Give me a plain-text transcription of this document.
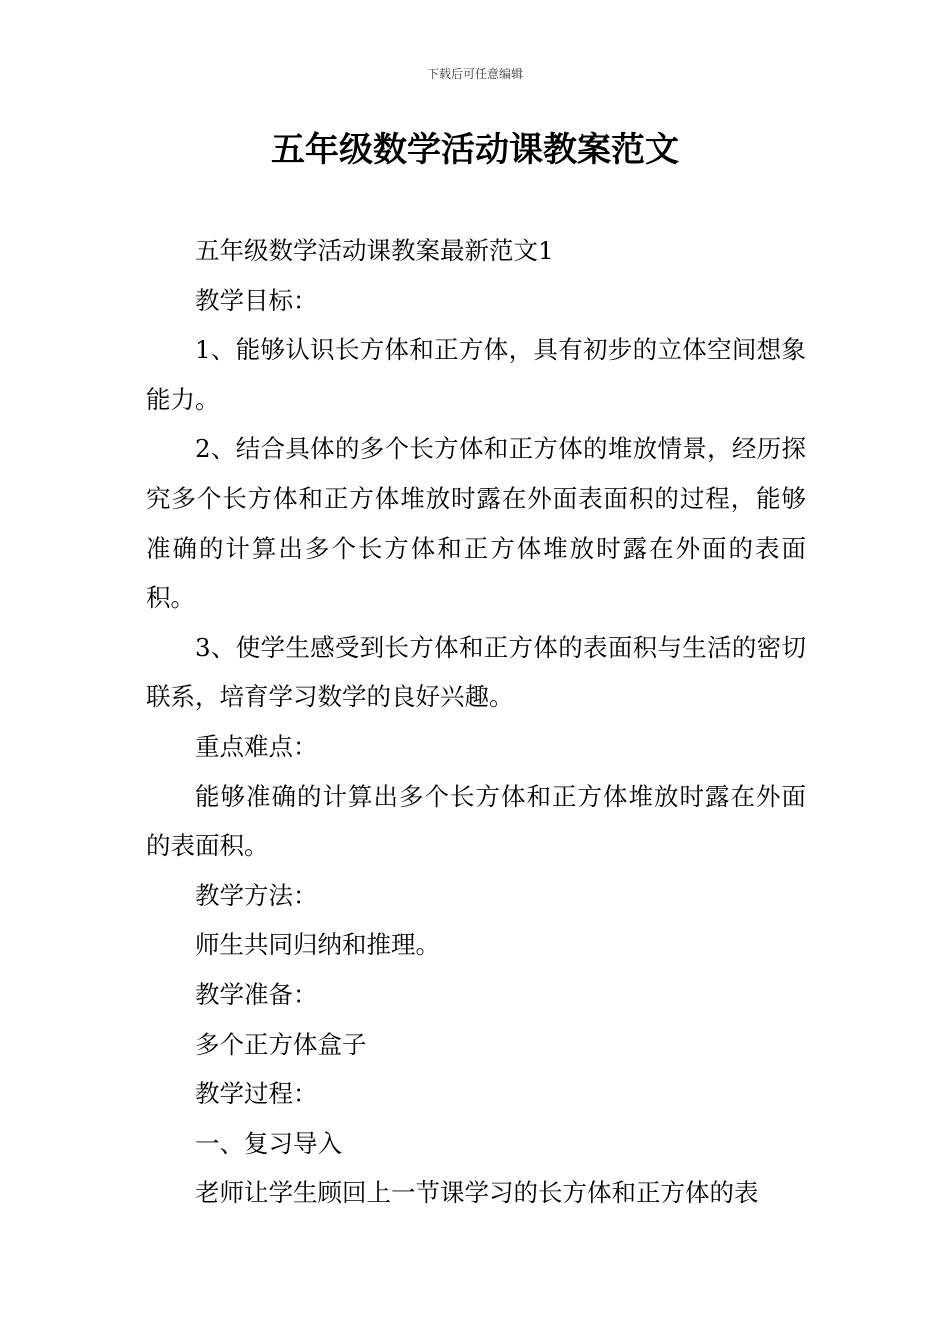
下载后可任意编辑
五年级数学活动课教案范文

五年级数学活动课教案最新范文1

教学目标：

1、能够认识长方体和正方体，具有初步的立体空间想象能力。

2、结合具体的多个长方体和正方体的堆放情景，经历探究多个长方体和正方体堆放时露在外面表面积的过程，能够准确的计算出多个长方体和正方体堆放时露在外面的表面积。

3、使学生感受到长方体和正方体的表面积与生活的密切联系，培育学习数学的良好兴趣。

重点难点：

能够准确的计算出多个长方体和正方体堆放时露在外面的表面积。

教学方法：

师生共同归纳和推理。

教学准备：

多个正方体盒子

教学过程：

一、复习导入

老师让学生顾回上一节课学习的长方体和正方体的表
